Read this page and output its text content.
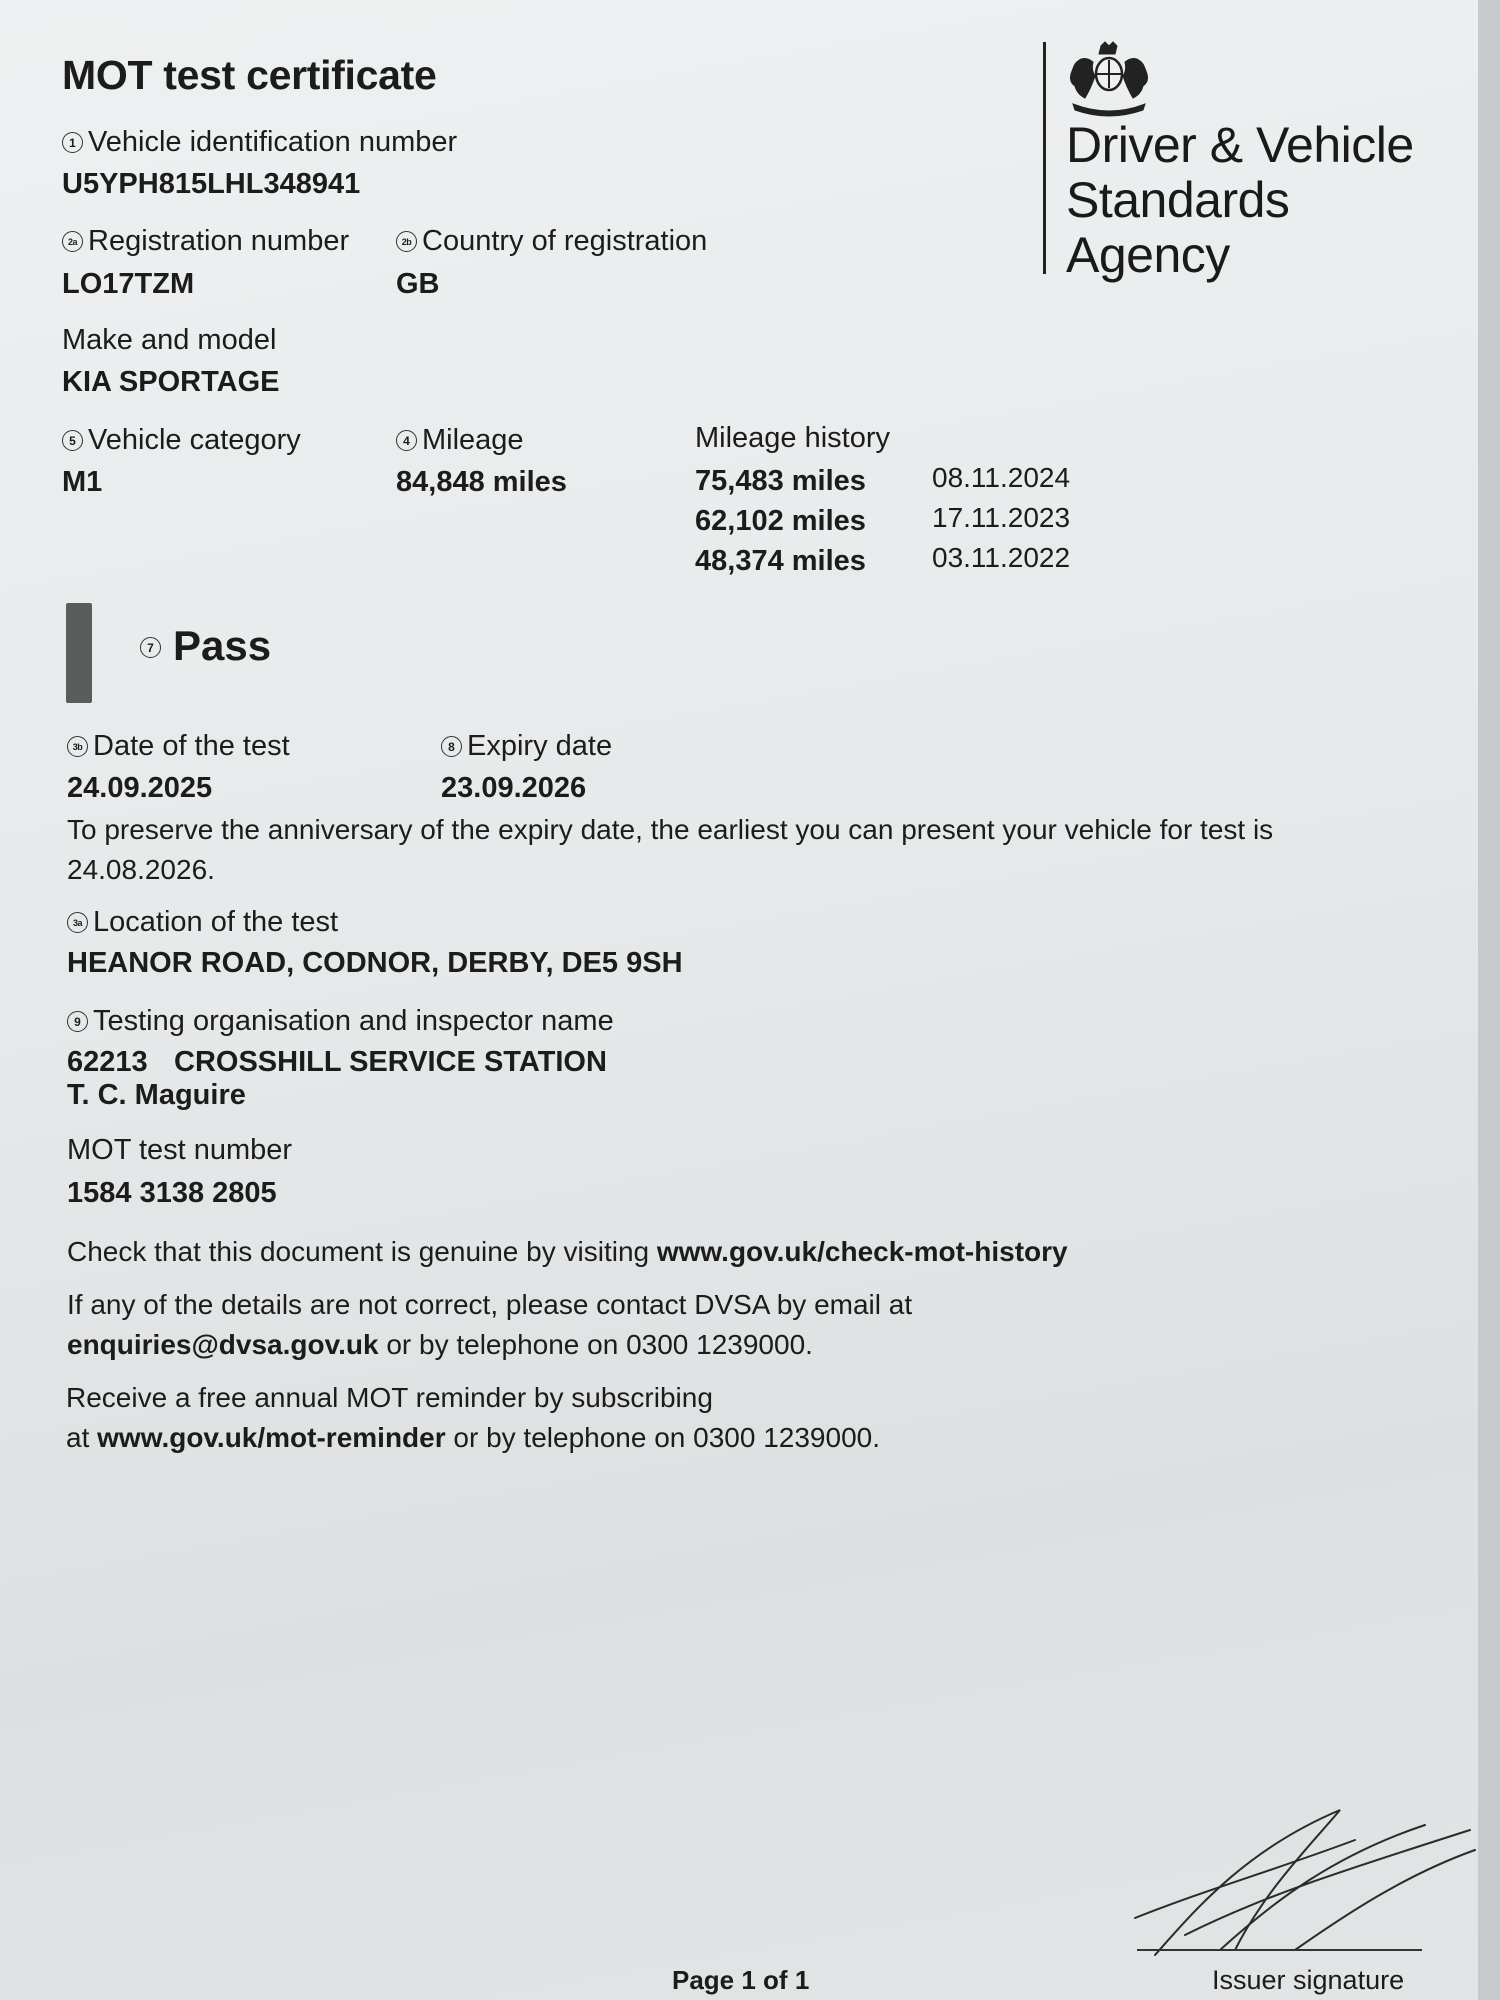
MOT test certificate
Driver & Vehicle
Standards
Agency
1 Vehicle identification number
U5YPH815LHL348941
2a Registration number
LO17TZM
2b Country of registration
GB
Make and model
KIA SPORTAGE
5 Vehicle category
M1
4 Mileage
84,848 miles
Mileage history
75,483 miles 08.11.2024
62,102 miles 17.11.2023
48,374 miles 03.11.2022
7 Pass
3b Date of the test
24.09.2025
8 Expiry date
23.09.2026
To preserve the anniversary of the expiry date, the earliest you can present your vehicle for test is
24.08.2026.
3a Location of the test
HEANOR ROAD, CODNOR, DERBY, DE5 9SH
9 Testing organisation and inspector name
62213 CROSSHILL SERVICE STATION
T. C. Maguire
MOT test number
1584 3138 2805
Check that this document is genuine by visiting www.gov.uk/check-mot-history
If any of the details are not correct, please contact DVSA by email at
enquiries@dvsa.gov.uk or by telephone on 0300 1239000.
Receive a free annual MOT reminder by subscribing
at www.gov.uk/mot-reminder or by telephone on 0300 1239000.
Page 1 of 1	Issuer signature
